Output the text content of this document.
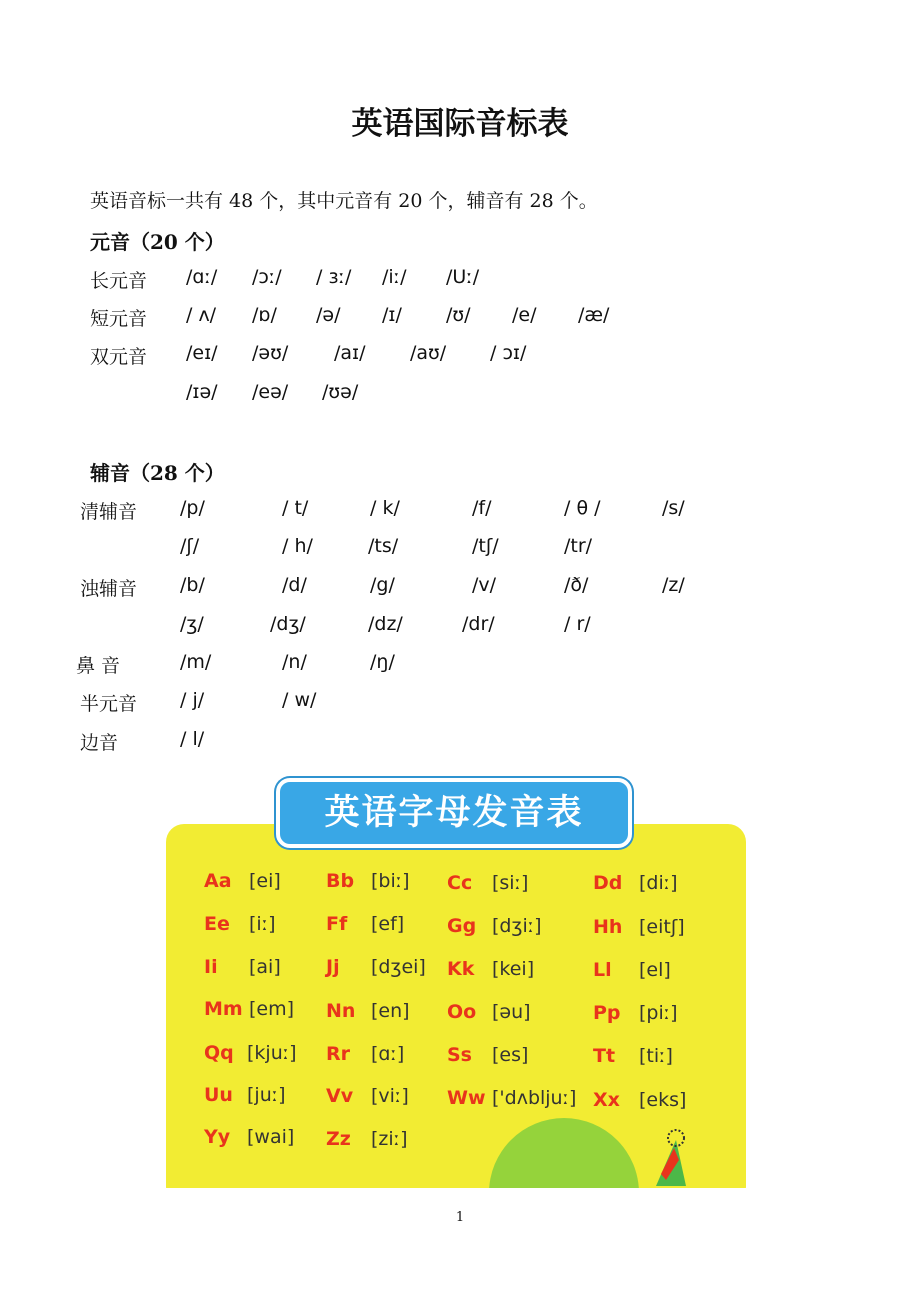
英语国际音标表
英语音标一共有 48 个，其中元音有 20 个，辅音有 28 个。
元音（20 个）
长元音 /ɑː/ /ɔː/ / ɜː/ /iː/ /Uː/
短元音 / ʌ/ /ɒ/ /ə/ /ɪ/ /ʊ/ /e/ /æ/
双元音 /eɪ/ /əʊ/ /aɪ/ /aʊ/ / ɔɪ/
/ɪə/ /eə/ /ʊə/
辅音（28 个）
清辅音 /p/	/ t/	/ k/	/f/	/ θ /	/s/
/ʃ/	/ h/	/ts/	/tʃ/	/tr/
浊辅音 /b/	/d/	/g/	/v/	/ð/	/z/
/ʒ/	/dʒ/	/dz/	/dr/	/ r/
鼻 音	/m/	/n/	/ŋ/
半元音 / j/	/ w/
边音	/ l/
英语字母发音表
Aa [ei] Bb [biː] Cc [siː]	Dd [diː]
Ee [iː]	Ff [ef] Gg [dʒiː]	Hh [eitʃ]
Ii [ai] Jj [dʒei] Kk [kei]	Ll [el]
Mm [em] Nn [en] Oo [əu]	Pp [piː]
Qq [kjuː] Rr [ɑː] Ss [es]	Tt [tiː]
Uu [juː] Vv [viː] Ww ['dʌbljuː] Xx [eks]
Yy [wai] Zz [ziː]
1
